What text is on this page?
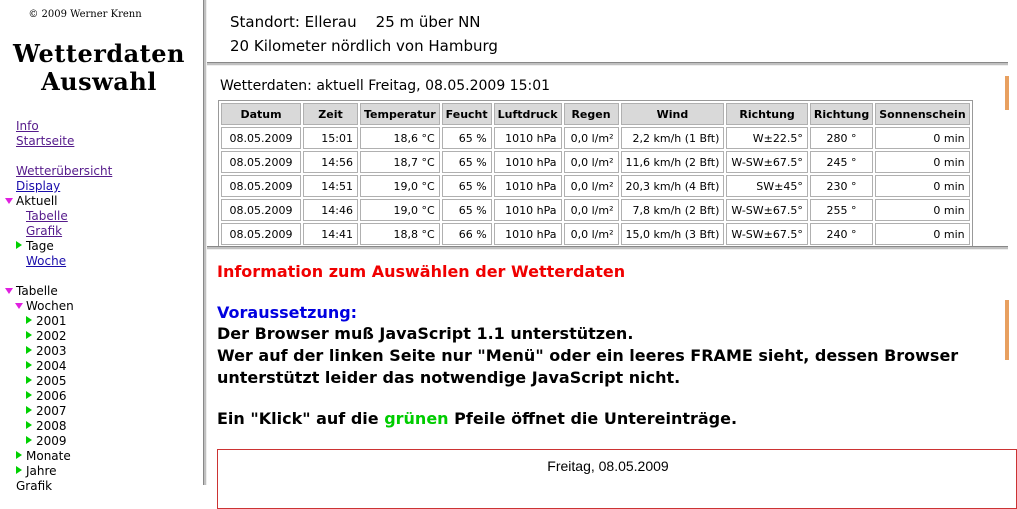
© 2009 Werner Krenn
Wetterdaten
Auswahl
Info
Startseite
Wetterübersicht
Display
Aktuell
Tabelle
Grafik
Tage
Woche
Tabelle
Wochen
2001
2002
2003
2004
2005
2006
2007
2008
2009
Monate
Jahre
Grafik
Standort: Ellerau 25 m über NN
20 Kilometer nördlich von Hamburg
Wetterdaten: aktuell Freitag, 08.05.2009 15:01
Datum	Zeit	Temperatur	Feucht	Luftdruck	Regen	Wind	Richtung	Richtung	Sonnenschein
08.05.2009	15:01	18,6 °C	65 %	1010 hPa	0,0 l/m²	2,2 km/h (1 Bft)	W±22.5°	280 °	0 min
08.05.2009	14:56	18,7 °C	65 %	1010 hPa	0,0 l/m²	11,6 km/h (2 Bft)	W-SW±67.5°	245 °	0 min
08.05.2009	14:51	19,0 °C	65 %	1010 hPa	0,0 l/m²	20,3 km/h (4 Bft)	SW±45°	230 °	0 min
08.05.2009	14:46	19,0 °C	65 %	1010 hPa	0,0 l/m²	7,8 km/h (2 Bft)	W-SW±67.5°	255 °	0 min
08.05.2009	14:41	18,8 °C	66 %	1010 hPa	0,0 l/m²	15,0 km/h (3 Bft)	W-SW±67.5°	240 °	0 min
Information zum Auswählen der Wetterdaten
Voraussetzung:
Der Browser muß JavaScript 1.1 unterstützen.
Wer auf der linken Seite nur "Menü" oder ein leeres FRAME sieht, dessen Browser
unterstützt leider das notwendige JavaScript nicht.
Ein "Klick" auf die grünen Pfeile öffnet die Untereinträge.
Freitag, 08.05.2009
